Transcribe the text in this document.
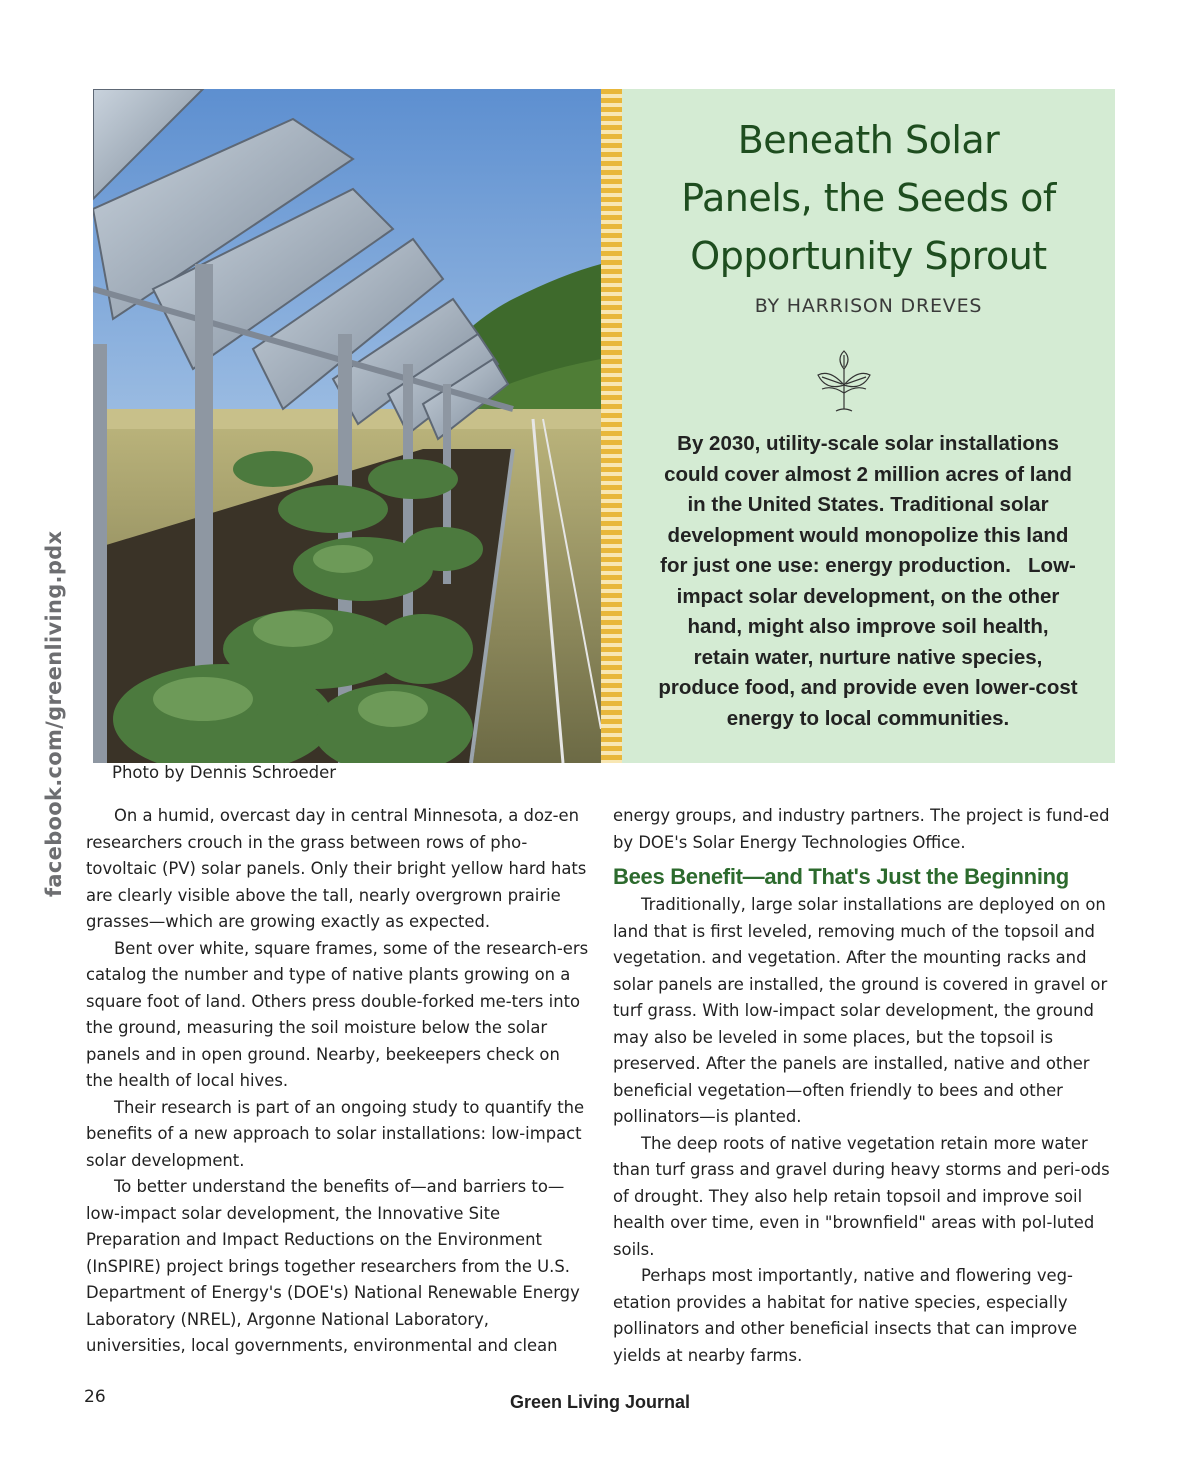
facebook.com/greenliving.pdx
Beneath Solar
Panels, the Seeds of
Opportunity Sprout
BY HARRISON DREVES
By 2030, utility-scale solar installations
could cover almost 2 million acres of land
in the United States. Traditional solar
development would monopolize this land
for just one use: energy production.   Low-
impact solar development, on the other
hand, might also improve soil health,
retain water, nurture native species,
produce food, and provide even lower-cost
energy to local communities.
Photo by Dennis Schroeder

On a humid, overcast day in central Minnesota, a doz-en researchers crouch in the grass between rows of pho-tovoltaic (PV) solar panels. Only their bright yellow hard hats are clearly visible above the tall, nearly overgrown prairie grasses—which are growing exactly as expected.

Bent over white, square frames, some of the research-ers catalog the number and type of native plants growing on a square foot of land. Others press double-forked me-ters into the ground, measuring the soil moisture below the solar panels and in open ground. Nearby, beekeepers check on the health of local hives.

Their research is part of an ongoing study to quantify the benefits of a new approach to solar installations: low-impact solar development.

To better understand the benefits of—and barriers to—low-impact solar development, the Innovative Site Preparation and Impact Reductions on the Environment (InSPIRE) project brings together researchers from the U.S. Department of Energy's (DOE's) National Renewable Energy Laboratory (NREL), Argonne National Laboratory, universities, local governments, environmental and clean

energy groups, and industry partners. The project is fund-ed by DOE's Solar Energy Technologies Office.

Bees Benefit—and That's Just the Beginning

Traditionally, large solar installations are deployed on on land that is first leveled, removing much of the topsoil and vegetation. and vegetation. After the mounting racks and solar panels are installed, the ground is covered in gravel or turf grass. With low-impact solar development, the ground may also be leveled in some places, but the topsoil is preserved. After the panels are installed, native and other beneficial vegetation—often friendly to bees and other pollinators—is planted.

The deep roots of native vegetation retain more water than turf grass and gravel during heavy storms and peri-ods of drought. They also help retain topsoil and improve soil health over time, even in "brownfield" areas with pol-luted soils.

Perhaps most importantly, native and flowering veg-etation provides a habitat for native species, especially pollinators and other beneficial insects that can improve yields at nearby farms.

26	Green Living Journal
